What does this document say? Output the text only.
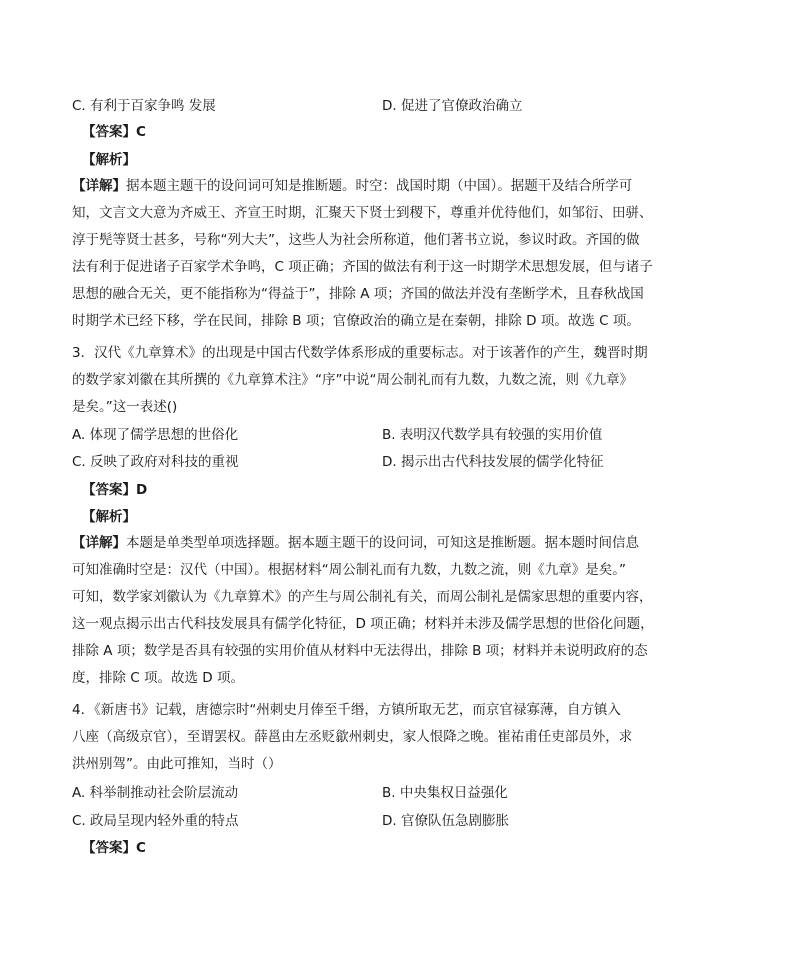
C. 有利于百家争鸣 发展	D. 促进了官僚政治确立
【答案】C
【解析】
【详解】据本题主题干的设问词可知是推断题。时空：战国时期（中国）。据题干及结合所学可
知，文言文大意为齐威王、齐宣王时期，汇聚天下贤士到稷下，尊重并优待他们，如邹衍、田骈、
淳于髡等贤士甚多，号称“列大夫”，这些人为社会所称道，他们著书立说，参议时政。齐国的做
法有利于促进诸子百家学术争鸣，C 项正确；齐国的做法有利于这一时期学术思想发展，但与诸子
思想的融合无关，更不能指称为“得益于”，排除 A 项；齐国的做法并没有垄断学术，且春秋战国
时期学术已经下移，学在民间，排除 B 项；官僚政治的确立是在秦朝，排除 D 项。故选 C 项。
3．汉代《九章算术》的出现是中国古代数学体系形成的重要标志。对于该著作的产生，魏晋时期
的数学家刘徽在其所撰的《九章算术注》“序”中说“周公制礼而有九数，九数之流，则《九章》
是矣。”这一表述()
A. 体现了儒学思想的世俗化	B. 表明汉代数学具有较强的实用价值
C. 反映了政府对科技的重视	D. 揭示出古代科技发展的儒学化特征
【答案】D
【解析】
【详解】本题是单类型单项选择题。据本题主题干的设问词，可知这是推断题。据本题时间信息
可知准确时空是：汉代（中国）。根据材料“周公制礼而有九数，九数之流，则《九章》是矣。”
可知，数学家刘徽认为《九章算术》的产生与周公制礼有关，而周公制礼是儒家思想的重要内容，
这一观点揭示出古代科技发展具有儒学化特征，D 项正确；材料并未涉及儒学思想的世俗化问题，
排除 A 项；数学是否具有较强的实用价值从材料中无法得出，排除 B 项；材料并未说明政府的态
度，排除 C 项。故选 D 项。
4．《新唐书》记载，唐德宗时“州刺史月俸至千缗，方镇所取无艺，而京官禄寡薄，自方镇入
八座（高级京官），至谓罢权。薛邕由左丞贬歙州刺史，家人恨降之晚。崔祐甫任吏部员外，求
洪州别驾”。由此可推知，当时（）
A. 科举制推动社会阶层流动	B. 中央集权日益强化
C. 政局呈现内轻外重的特点	D. 官僚队伍急剧膨胀
【答案】C
